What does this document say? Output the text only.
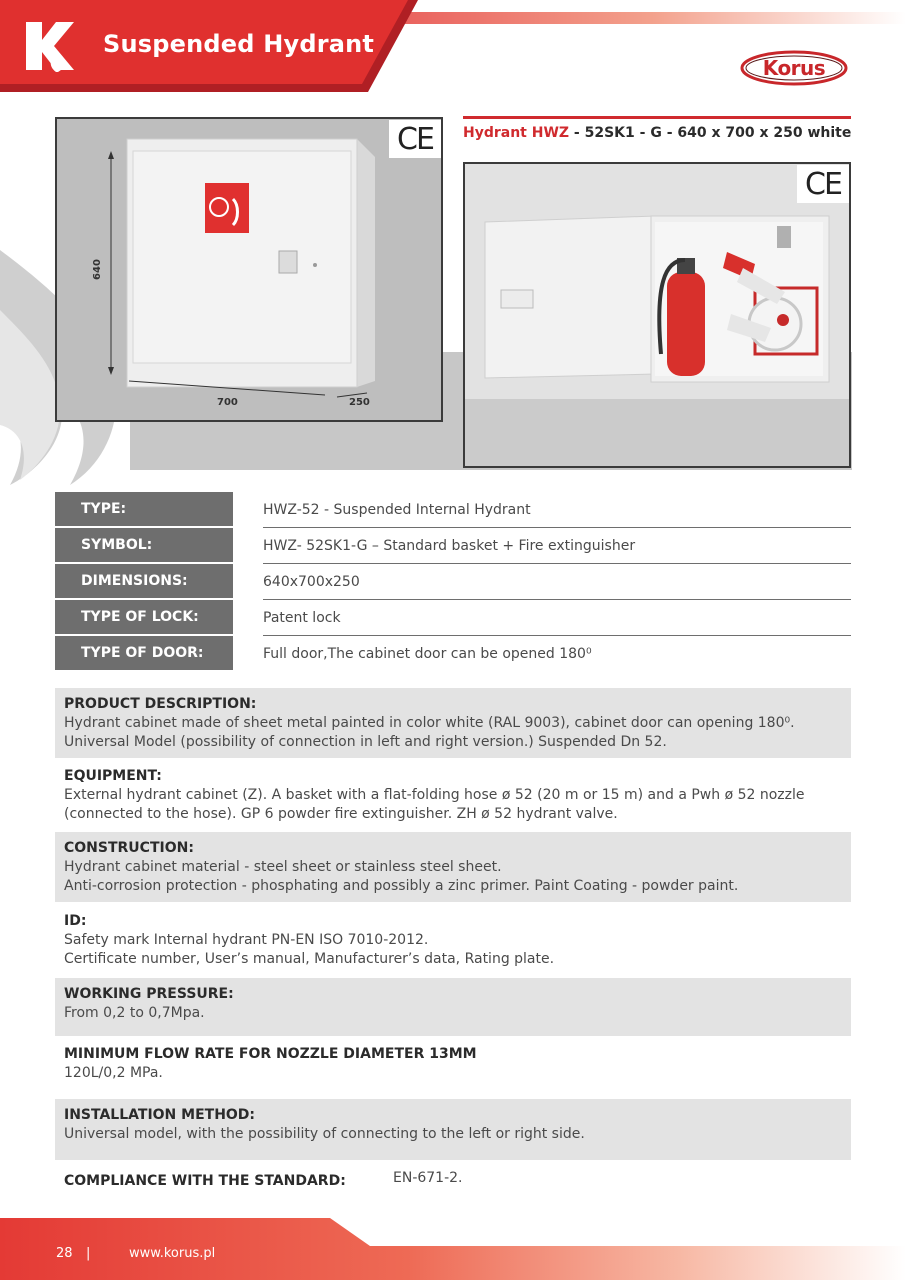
Suspended Hydrant
Korus
CE
640
700	250
Hydrant HWZ - 52SK1 - G - 640 x 700 x 250 white
CE
TYPE:	HWZ-52 - Suspended Internal Hydrant
SYMBOL:	HWZ- 52SK1-G – Standard basket + Fire extinguisher
DIMENSIONS:	640x700x250
TYPE OF LOCK:	Patent lock
TYPE OF DOOR:	Full door,The cabinet door can be opened 180⁰
PRODUCT DESCRIPTION:
Hydrant cabinet made of sheet metal painted in color white (RAL 9003), cabinet door can opening 180⁰.
Universal Model (possibility of connection in left and right version.) Suspended Dn 52.
EQUIPMENT:
External hydrant cabinet (Z). A basket with a flat-folding hose ø 52 (20 m or 15 m) and a Pwh ø 52 nozzle
(connected to the hose). GP 6 powder fire extinguisher. ZH ø 52 hydrant valve.
CONSTRUCTION:
Hydrant cabinet material - steel sheet or stainless steel sheet.
Anti-corrosion protection - phosphating and possibly a zinc primer. Paint Coating - powder paint.
ID:
Safety mark Internal hydrant PN-EN ISO 7010-2012.
Certificate number, User’s manual, Manufacturer’s data, Rating plate.
WORKING PRESSURE:
From 0,2 to 0,7Mpa.
MINIMUM FLOW RATE FOR NOZZLE DIAMETER 13MM
120L/0,2 MPa.
INSTALLATION METHOD:
Universal model, with the possibility of connecting to the left or right side.
COMPLIANCE WITH THE STANDARD:	EN-671-2.
28 |	www.korus.pl
